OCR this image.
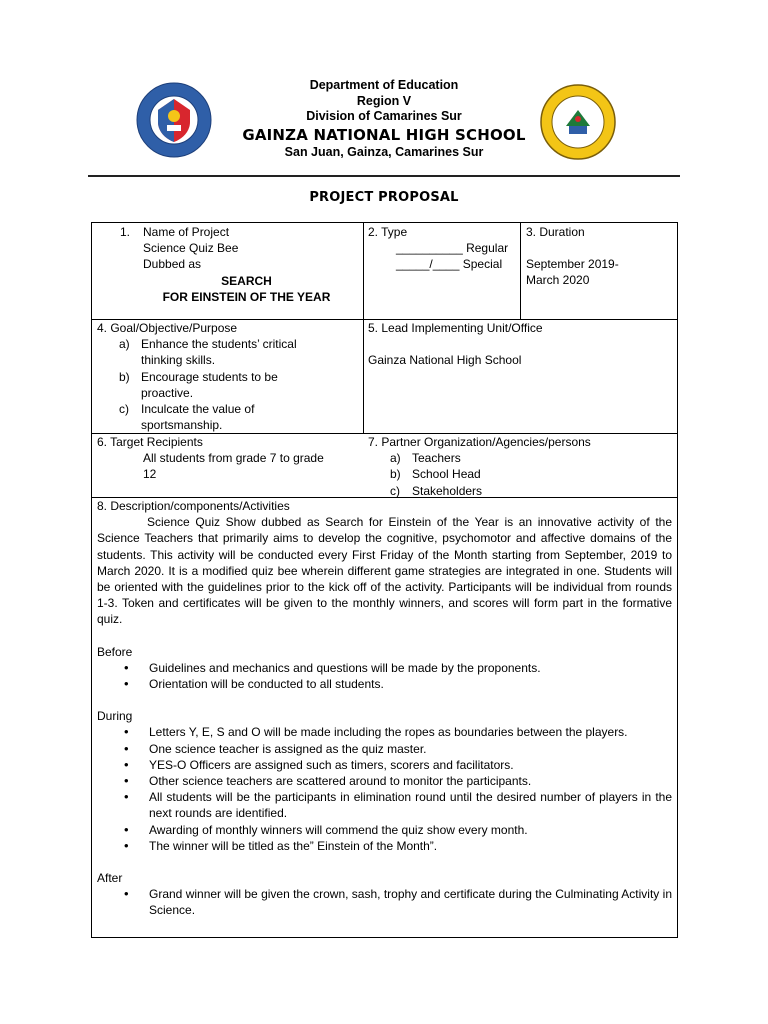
Department of Education
Region V
Division of Camarines Sur
GAINZA NATIONAL HIGH SCHOOL
San Juan, Gainza, Camarines Sur
PROJECT PROPOSAL
1. Name of Project
Science Quiz Bee
Dubbed as
SEARCH
FOR EINSTEIN OF THE YEAR
2. Type
__________ Regular
_____/____ Special
3. Duration
September 2019-
March 2020
4. Goal/Objective/Purpose
a) Enhance the students’ critical
thinking skills.
b) Encourage students to be
proactive.
c) Inculcate the value of
sportsmanship.
5. Lead Implementing Unit/Office
Gainza National High School
6. Target Recipients
All students from grade 7 to grade
12
7. Partner Organization/Agencies/persons
a) Teachers
b) School Head
c) Stakeholders
8. Description/components/Activities
Science Quiz Show dubbed as Search for Einstein of the Year is an innovative activity of the Science Teachers that primarily aims to develop the cognitive, psychomotor and affective domains of the students. This activity will be conducted every First Friday of the Month starting from September, 2019 to March 2020. It is a modified quiz bee wherein different game strategies are integrated in one. Students will be oriented with the guidelines prior to the kick off of the activity. Participants will be individual from rounds 1-3. Token and certificates will be given to the monthly winners, and scores will form part in the formative quiz.
Before
• Guidelines and mechanics and questions will be made by the proponents.
• Orientation will be conducted to all students.
During
• Letters Y, E, S and O will be made including the ropes as boundaries between the players.
• One science teacher is assigned as the quiz master.
• YES-O Officers are assigned such as timers, scorers and facilitators.
• Other science teachers are scattered around to monitor the participants.
• All students will be the participants in elimination round until the desired number of players in the next rounds are identified.
• Awarding of monthly winners will commend the quiz show every month.
• The winner will be titled as the” Einstein of the Month”.
After
• Grand winner will be given the crown, sash, trophy and certificate during the Culminating Activity in Science.
